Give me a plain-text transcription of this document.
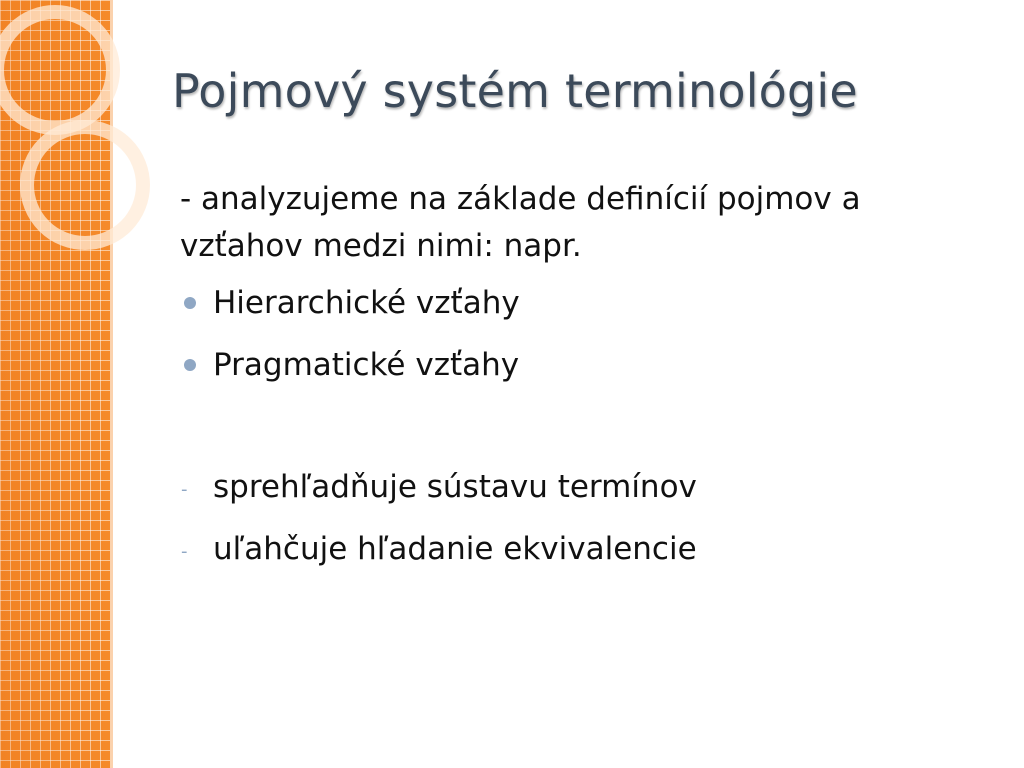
Pojmový systém terminológie

- analyzujeme na základe definícií pojmov a vzťahov medzi nimi: napr.

Hierarchické vzťahy
Pragmatické vzťahy
- sprehľadňuje sústavu termínov
- uľahčuje hľadanie ekvivalencie
